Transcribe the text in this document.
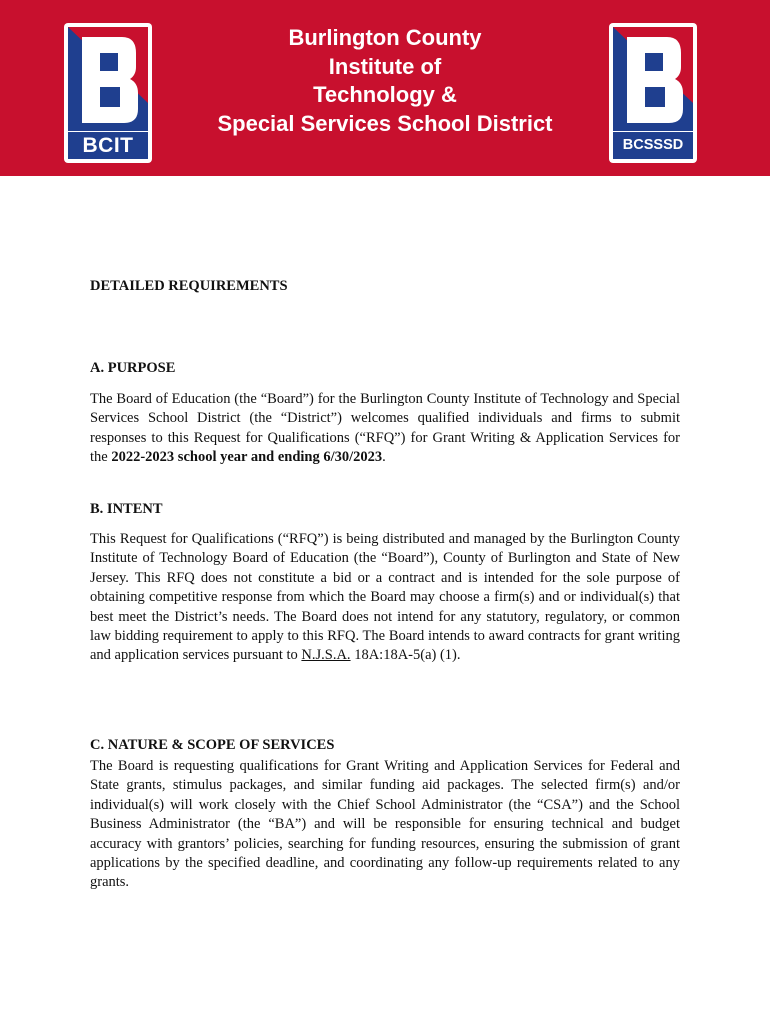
BCIT
Burlington County
Institute of
Technology &
Special Services School District
BCSSSD
DETAILED REQUIREMENTS
A. PURPOSE
The Board of Education (the “Board”) for the Burlington County Institute of Technology and Special Services School District (the “District”) welcomes qualified individuals and firms to submit responses to this Request for Qualifications (“RFQ”) for Grant Writing & Application Services for the 2022-2023 school year and ending 6/30/2023.
B. INTENT
This Request for Qualifications (“RFQ”) is being distributed and managed by the Burlington County Institute of Technology Board of Education (the “Board”), County of Burlington and State of New Jersey. This RFQ does not constitute a bid or a contract and is intended for the sole purpose of obtaining competitive response from which the Board may choose a firm(s) and or individual(s) that best meet the District’s needs. The Board does not intend for any statutory, regulatory, or common law bidding requirement to apply to this RFQ. The Board intends to award contracts for grant writing and application services pursuant to N.J.S.A. 18A:18A-5(a) (1).
C. NATURE & SCOPE OF SERVICES
The Board is requesting qualifications for Grant Writing and Application Services for Federal and State grants, stimulus packages, and similar funding aid packages. The selected firm(s) and/or individual(s) will work closely with the Chief School Administrator (the “CSA”) and the School Business Administrator (the “BA”) and will be responsible for ensuring technical and budget accuracy with grantors’ policies, searching for funding resources, ensuring the submission of grant applications by the specified deadline, and coordinating any follow-up requirements related to any grants.
